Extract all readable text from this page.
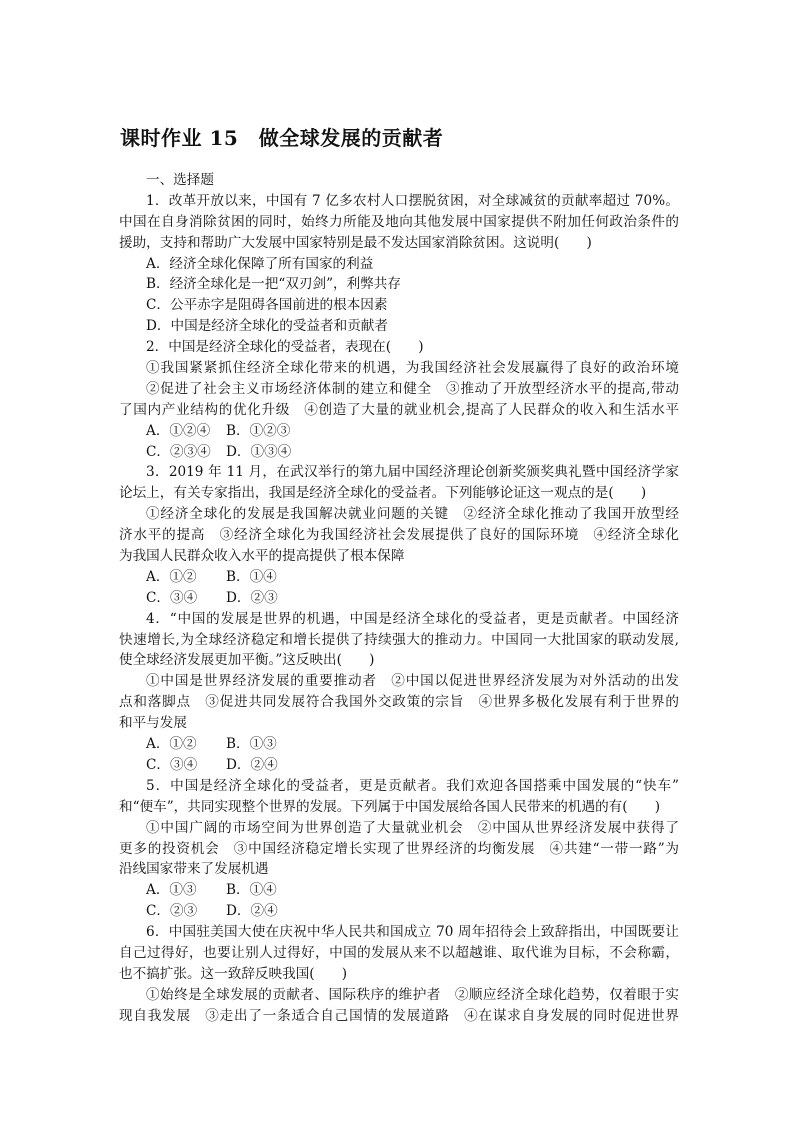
课时作业 15　做全球发展的贡献者
一、选择题
1．改革开放以来，中国有 7 亿多农村人口摆脱贫困，对全球减贫的贡献率超过 70%。
中国在自身消除贫困的同时，始终力所能及地向其他发展中国家提供不附加任何政治条件的
援助，支持和帮助广大发展中国家特别是最不发达国家消除贫困。这说明(　　)
A．经济全球化保障了所有国家的利益
B．经济全球化是一把“双刃剑”，利弊共存
C．公平赤字是阻碍各国前进的根本因素
D．中国是经济全球化的受益者和贡献者
2．中国是经济全球化的受益者，表现在(　　)
①我国紧紧抓住经济全球化带来的机遇，为我国经济社会发展赢得了良好的政治环境
②促进了社会主义市场经济体制的建立和健全　③推动了开放型经济水平的提高,带动
了国内产业结构的优化升级　④创造了大量的就业机会,提高了人民群众的收入和生活水平
A．①②④ B．①②③
C．②③④ D．①③④
3．2019 年 11 月，在武汉举行的第九届中国经济理论创新奖颁奖典礼暨中国经济学家
论坛上，有关专家指出，我国是经济全球化的受益者。下列能够论证这一观点的是(　　)
①经济全球化的发展是我国解决就业问题的关键　②经济全球化推动了我国开放型经
济水平的提高　③经济全球化为我国经济社会发展提供了良好的国际环境　④经济全球化
为我国人民群众收入水平的提高提供了根本保障
A．①② B．①④
C．③④ D．②③
4．“中国的发展是世界的机遇，中国是经济全球化的受益者，更是贡献者。中国经济
快速增长,为全球经济稳定和增长提供了持续强大的推动力。中国同一大批国家的联动发展,
使全球经济发展更加平衡。”这反映出(　　)
①中国是世界经济发展的重要推动者　②中国以促进世界经济发展为对外活动的出发
点和落脚点　③促进共同发展符合我国外交政策的宗旨　④世界多极化发展有利于世界的
和平与发展
A．①② B．①③
C．③④ D．②④
5．中国是经济全球化的受益者，更是贡献者。我们欢迎各国搭乘中国发展的“快车”
和“便车”，共同实现整个世界的发展。下列属于中国发展给各国人民带来的机遇的有(　　)
①中国广阔的市场空间为世界创造了大量就业机会　②中国从世界经济发展中获得了
更多的投资机会　③中国经济稳定增长实现了世界经济的均衡发展　④共建“一带一路”为
沿线国家带来了发展机遇
A．①③ B．①④
C．②③ D．②④
6．中国驻美国大使在庆祝中华人民共和国成立 70 周年招待会上致辞指出，中国既要让
自己过得好，也要让别人过得好，中国的发展从来不以超越谁、取代谁为目标，不会称霸，
也不搞扩张。这一致辞反映我国(　　)
①始终是全球发展的贡献者、国际秩序的维护者　②顺应经济全球化趋势，仅着眼于实
现自我发展　③走出了一条适合自己国情的发展道路　④在谋求自身发展的同时促进世界
